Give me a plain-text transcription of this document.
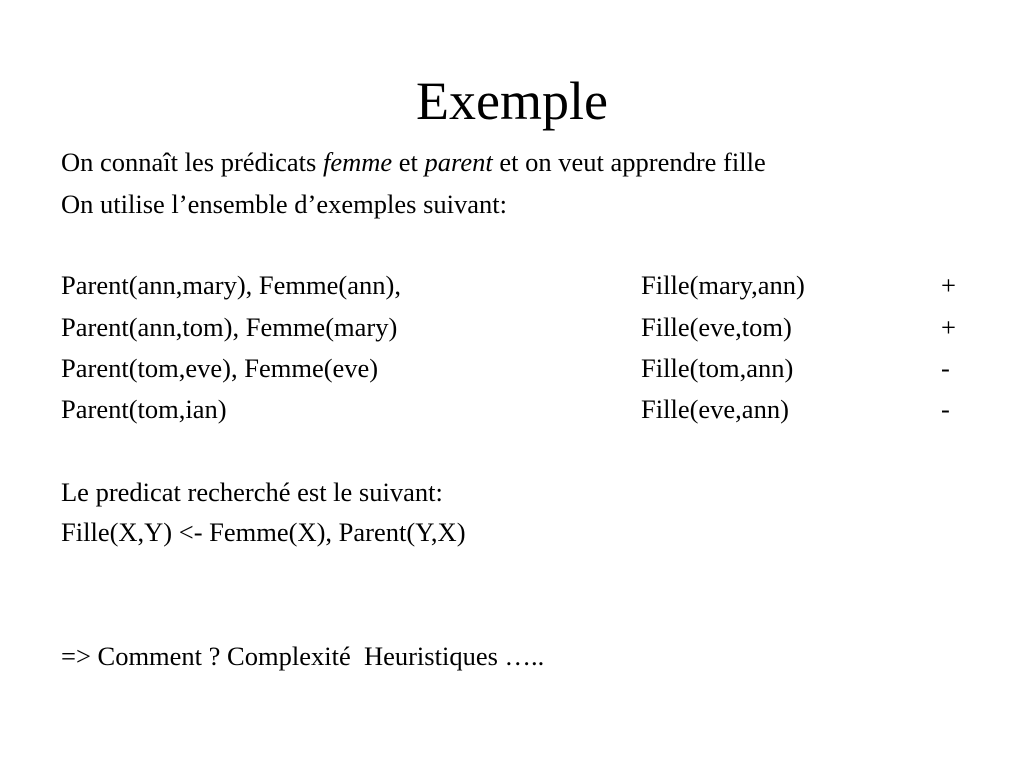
Exemple
On connaît les prédicats femme et parent et on veut apprendre fille
On utilise l’ensemble d’exemples suivant:
Parent(ann,mary), Femme(ann),	Fille(mary,ann)	+
Parent(ann,tom), Femme(mary)	Fille(eve,tom)	+
Parent(tom,eve), Femme(eve)	Fille(tom,ann)	-
Parent(tom,ian)	Fille(eve,ann)	-
Le predicat recherché est le suivant:
Fille(X,Y) <- Femme(X), Parent(Y,X)
=> Comment ? Complexité  Heuristiques …..
